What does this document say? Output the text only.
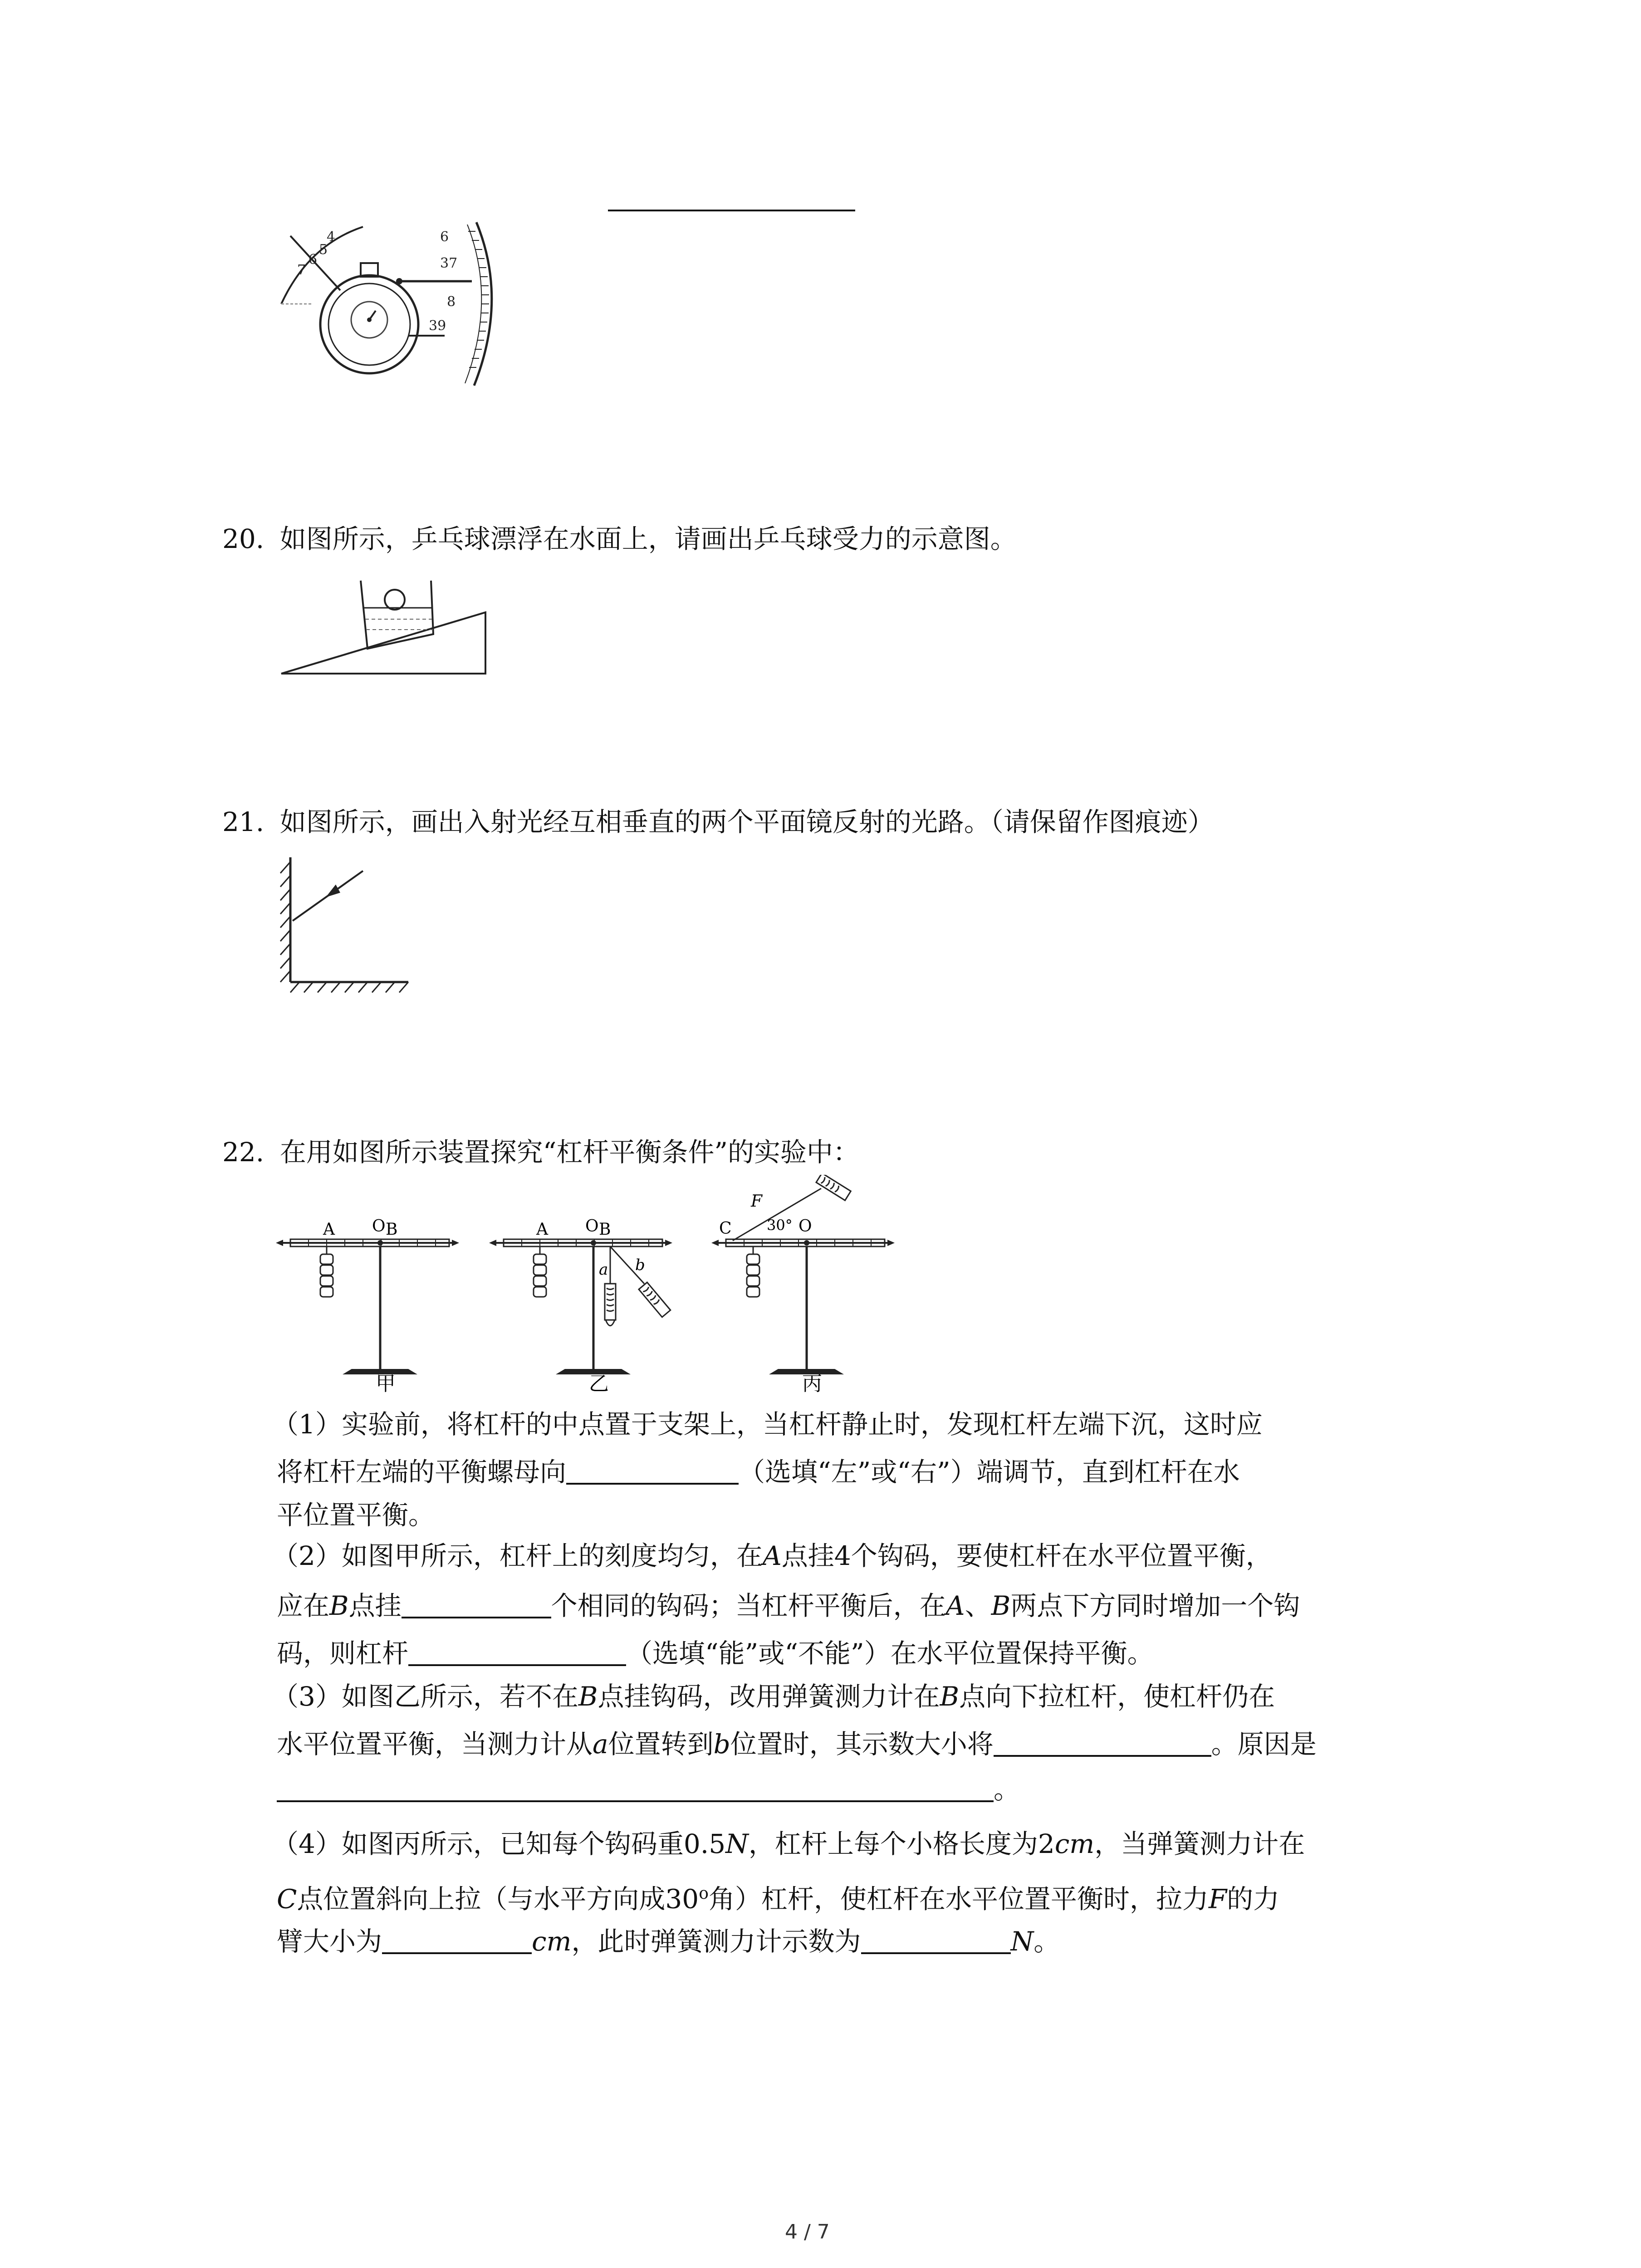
4
5
6
7
6
37
8
39
20. 如图所示，乒乓球漂浮在水面上，请画出乒乓球受力的示意图。
21. 如图所示，画出入射光经互相垂直的两个平面镜反射的光路。（请保留作图痕迹）
22. 在用如图所示装置探究“杠杆平衡条件”的实验中：
A O B
甲
A O B
a b
乙
C
F
30° O
丙
（1）实验前，将杠杆的中点置于支架上，当杠杆静止时，发现杠杆左端下沉，这时应
将杠杆左端的平衡螺母向	（选填“左”或“右”）端调节，直到杠杆在水
平位置平衡。
（2）如图甲所示，杠杆上的刻度均匀，在A点挂4个钩码，要使杠杆在水平位置平衡，
应在B点挂	个相同的钩码；当杠杆平衡后，在A、B两点下方同时增加一个钩
码，则杠杆	（选填“能”或“不能”）在水平位置保持平衡。
（3）如图乙所示，若不在B点挂钩码，改用弹簧测力计在B点向下拉杠杆，使杠杆仍在
水平位置平衡，当测力计从a位置转到b位置时，其示数大小将	。原因是
。
（4）如图丙所示，已知每个钩码重0.5N，杠杆上每个小格长度为2cm，当弹簧测力计在
C点位置斜向上拉（与水平方向成30$^o$角）杠杆，使杠杆在水平位置平衡时，拉力F的力
臂大小为	cm，此时弹簧测力计示数为	N。
4 / 7
